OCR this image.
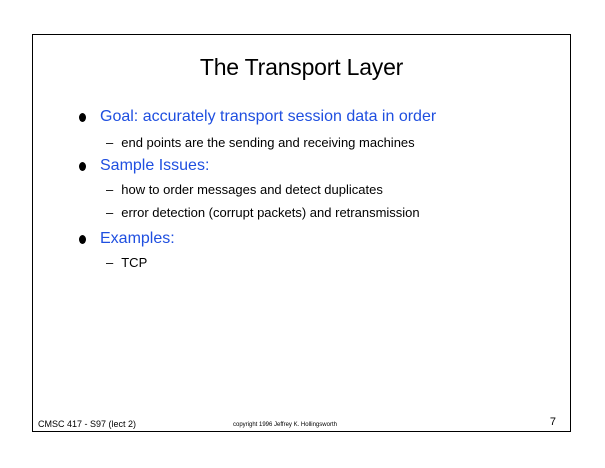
The Transport Layer
Goal: accurately transport session data in order
– end points are the sending and receiving machines
Sample Issues:
– how to order messages and detect duplicates
– error detection (corrupt packets) and retransmission
Examples:
– TCP
CMSC 417 - S97 (lect 2)	copyright 1996 Jeffrey K. Hollingsworth	7
